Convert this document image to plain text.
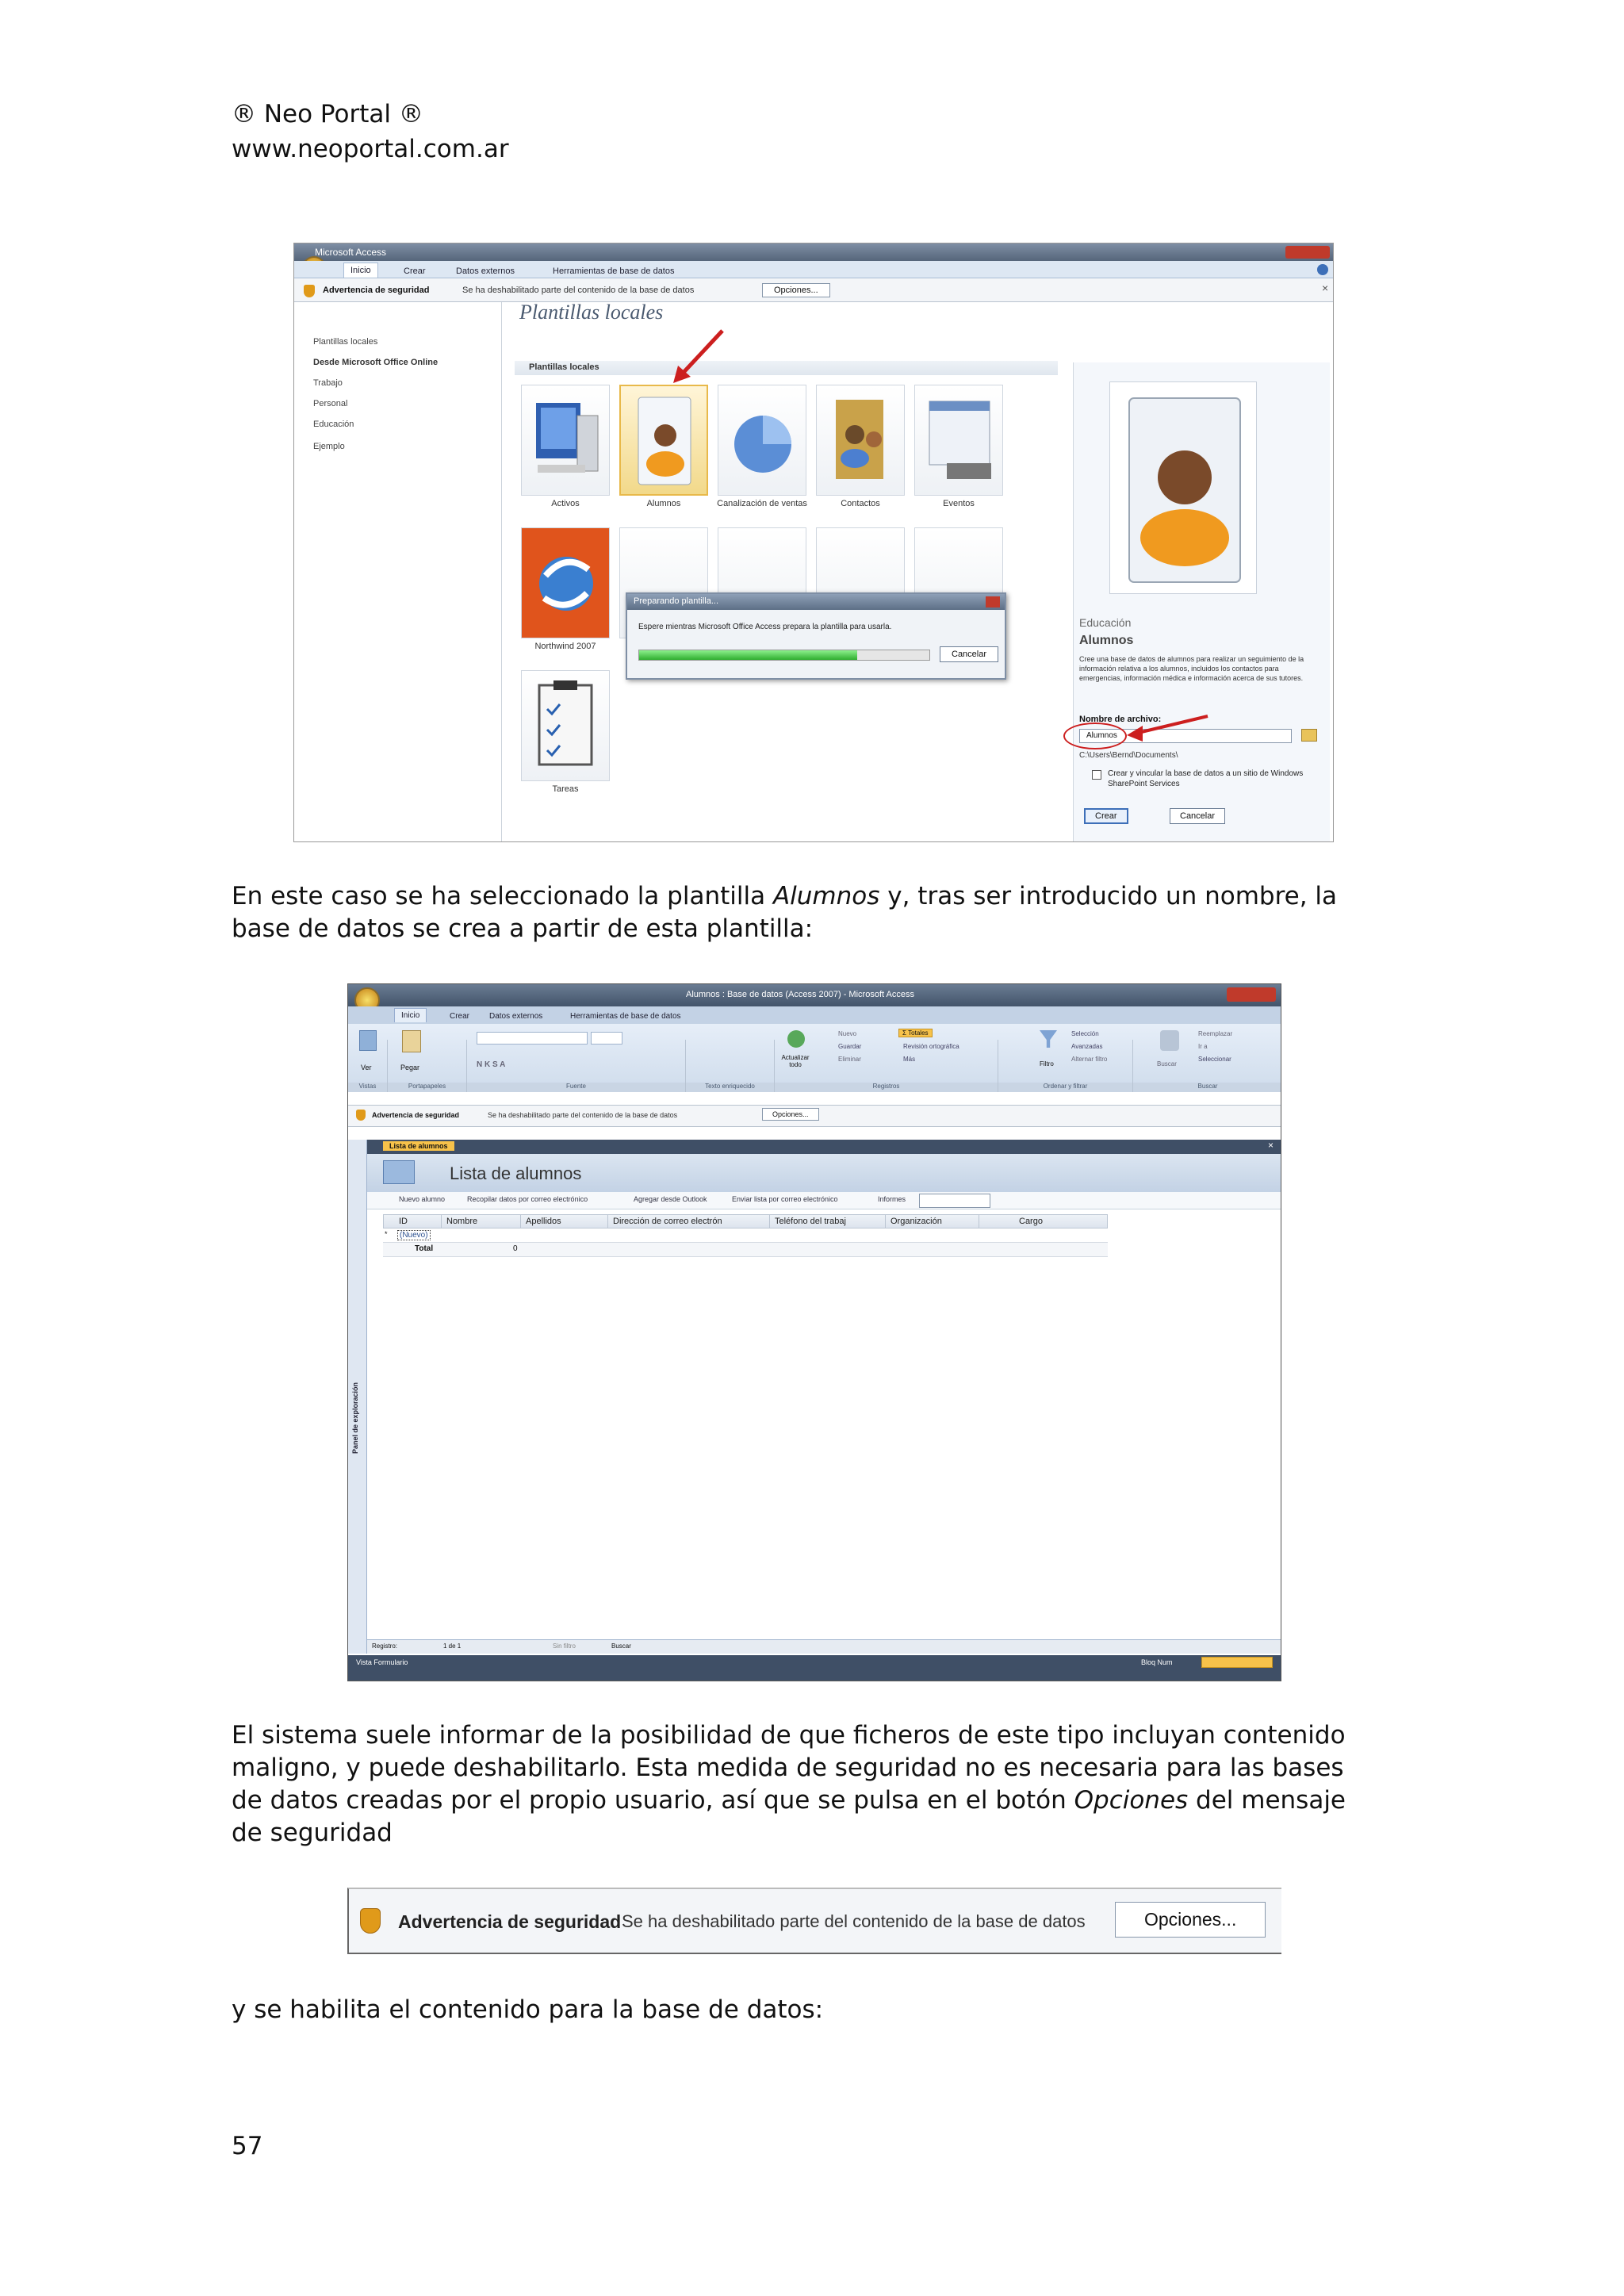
® Neo Portal ®
www.neoportal.com.ar
Microsoft Access
Inicio	Crear	Datos externos	Herramientas de base de datos
Advertencia de seguridad	Se ha deshabilitado parte del contenido de la base de datos	Opciones...	×
Plantillas locales
Desde Microsoft Office Online
Trabajo
Personal
Educación
Ejemplo
Plantillas locales
Plantillas locales
Activos	Alumnos	Canalización de ventas	Contactos	Eventos
Northwind 2007
Tareas
Preparando plantilla...
Espere mientras Microsoft Office Access prepara la plantilla para usarla.
Cancelar
Educación
Alumnos
Cree una base de datos de alumnos para realizar un seguimiento de la información relativa a los alumnos, incluidos los contactos para emergencias, información médica e información acerca de sus tutores.
Nombre de archivo:
Alumnos
C:\Users\Bernd\Documents\
Crear y vincular la base de datos a un sitio de Windows SharePoint Services
Crear	Cancelar
En este caso se ha seleccionado la plantilla Alumnos y, tras ser introducido un nombre, la base de datos se crea a partir de esta plantilla:
Alumnos : Base de datos (Access 2007) - Microsoft Access
Inicio	Crear	Datos externos	Herramientas de base de datos
Vistas
Ver
Portapapeles
Pegar
Fuente
N K S A
Texto enriquecido	Registros
Actualizar todo
Nuevo
Guardar
Eliminar
Σ Totales
Revisión ortográfica
Más
Ordenar y filtrar
Filtro
Selección
Avanzadas
Alternar filtro
Buscar
Buscar
Reemplazar
Ir a
Seleccionar
Advertencia de seguridad	Se ha deshabilitado parte del contenido de la base de datos	Opciones...
Panel de exploración
Lista de alumnos	×
Lista de alumnos
Nuevo alumno	Recopilar datos por correo electrónico	Agregar desde Outlook	Enviar lista por correo electrónico	Informes
ID	Nombre	Apellidos	Dirección de correo electrón	Teléfono del trabaj	Organización	Cargo
*	(Nuevo)
Total	0
Registro:	1 de 1	Sin filtro	Buscar
Vista Formulario	Bloq Num
El sistema suele informar de la posibilidad de que ficheros de este tipo incluyan contenido maligno, y puede deshabilitarlo. Esta medida de seguridad no es necesaria para las bases de datos creadas por el propio usuario, así que se pulsa en el botón Opciones del mensaje de seguridad
Advertencia de seguridad Se ha deshabilitado parte del contenido de la base de datos	Opciones...
y se habilita el contenido para la base de datos:
57
